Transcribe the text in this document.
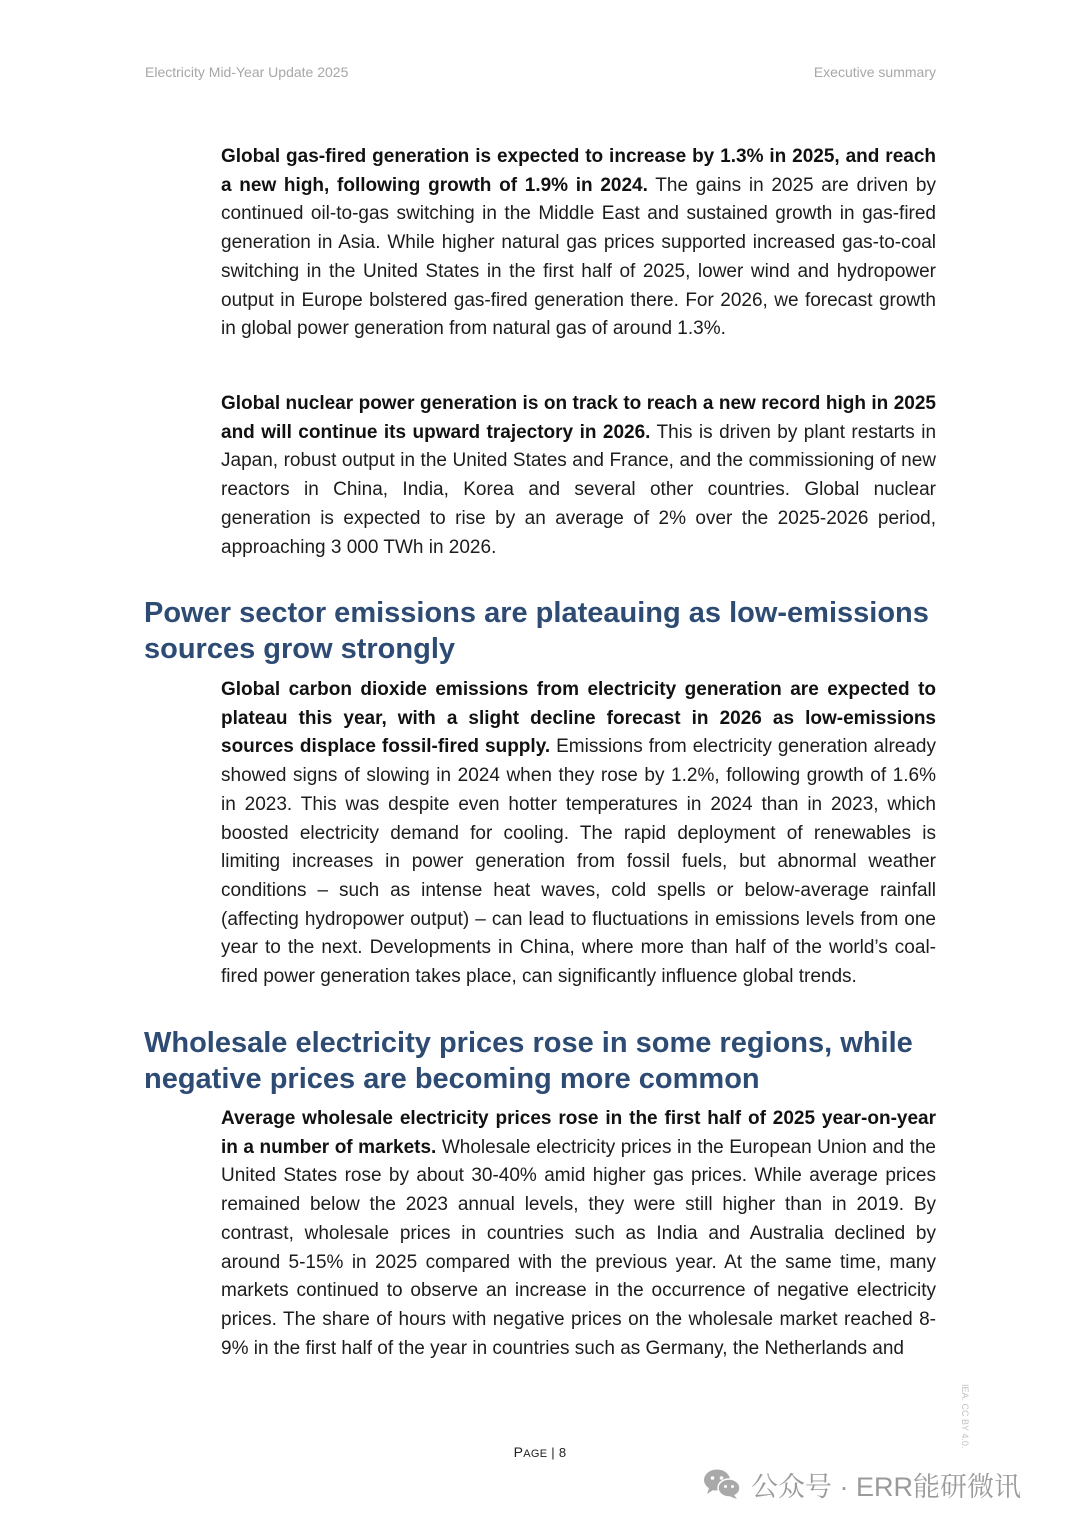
Electricity Mid-Year Update 2025	Executive summary

Global gas-fired generation is expected to increase by 1.3% in 2025, and reach a new high, following growth of 1.9% in 2024. The gains in 2025 are driven by continued oil-to-gas switching in the Middle East and sustained growth in gas-fired generation in Asia. While higher natural gas prices supported increased gas-to-coal switching in the United States in the first half of 2025, lower wind and hydropower output in Europe bolstered gas-fired generation there. For 2026, we forecast growth in global power generation from natural gas of around 1.3%.

Global nuclear power generation is on track to reach a new record high in 2025 and will continue its upward trajectory in 2026. This is driven by plant restarts in Japan, robust output in the United States and France, and the commissioning of new reactors in China, India, Korea and several other countries. Global nuclear generation is expected to rise by an average of 2% over the 2025-2026 period, approaching 3 000 TWh in 2026.

Power sector emissions are plateauing as low-emissions sources grow strongly

Global carbon dioxide emissions from electricity generation are expected to plateau this year, with a slight decline forecast in 2026 as low-emissions sources displace fossil-fired supply. Emissions from electricity generation already showed signs of slowing in 2024 when they rose by 1.2%, following growth of 1.6% in 2023. This was despite even hotter temperatures in 2024 than in 2023, which boosted electricity demand for cooling. The rapid deployment of renewables is limiting increases in power generation from fossil fuels, but abnormal weather conditions – such as intense heat waves, cold spells or below-average rainfall (affecting hydropower output) – can lead to fluctuations in emissions levels from one year to the next. Developments in China, where more than half of the world’s coal-fired power generation takes place, can significantly influence global trends.

Wholesale electricity prices rose in some regions, while negative prices are becoming more common

Average wholesale electricity prices rose in the first half of 2025 year-on-year in a number of markets. Wholesale electricity prices in the European Union and the United States rose by about 30-40% amid higher gas prices. While average prices remained below the 2023 annual levels, they were still higher than in 2019. By contrast, wholesale prices in countries such as India and Australia declined by around 5-15% in 2025 compared with the previous year. At the same time, many markets continued to observe an increase in the occurrence of negative electricity prices. The share of hours with negative prices on the wholesale market reached 8-9% in the first half of the year in countries such as Germany, the Netherlands and

PAGE | 8
IEA. CC BY 4.0.
公众号 · ERR能研微讯
